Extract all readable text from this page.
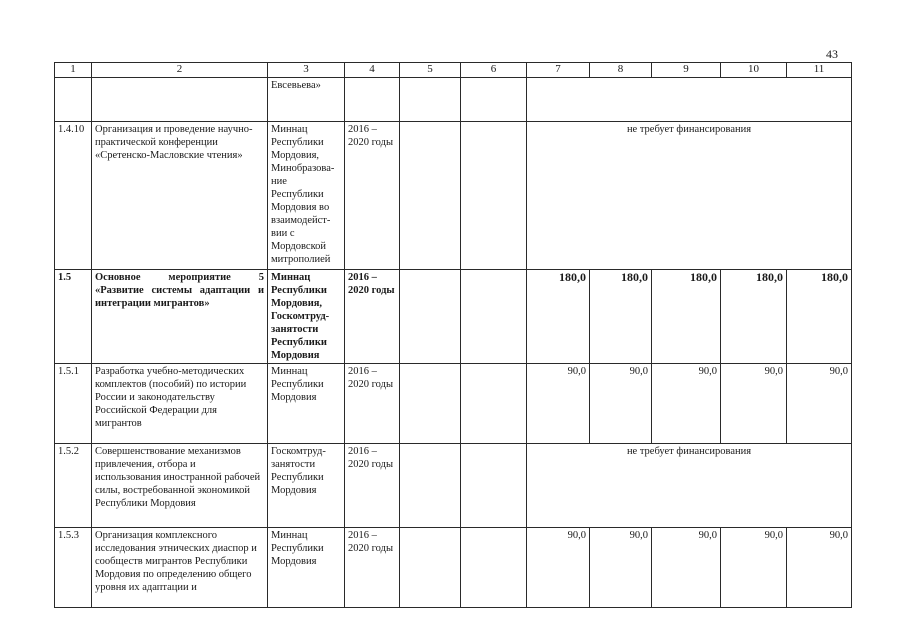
43
1	2	3	4	5	6	7	8	9	10	11
		Евсевьева»								
1.4.10	Организация и проведение научно-практической конференции «Сретенско-Масловские чтения»	Миннац Республики Мордовия, Минобразова-ние Республики Мордовия во взаимодейст-вии с Мордовской митрополией	2016 – 2020 годы			не требует финансирования				
1.5	Основное мероприятие 5 «Развитие системы адаптации и интеграции мигрантов»	Миннац Республики Мордовия, Госкомтруд-занятости Республики Мордовия	2016 – 2020 годы			180,0	180,0	180,0	180,0	180,0
1.5.1	Разработка учебно-методических комплектов (пособий) по истории России и законодательству Российской Федерации для мигрантов	Миннац Республики Мордовия	2016 – 2020 годы			90,0	90,0	90,0	90,0	90,0
1.5.2	Совершенствование механизмов привлечения, отбора и использования иностранной рабочей силы, востребованной экономикой Республики Мордовия	Госкомтруд-занятости Республики Мордовия	2016 – 2020 годы			не требует финансирования				
1.5.3	Организация комплексного исследования этнических диаспор и сообществ мигрантов Республики Мордовия по определению общего уровня их адаптации и	Миннац Республики Мордовия	2016 – 2020 годы			90,0	90,0	90,0	90,0	90,0
